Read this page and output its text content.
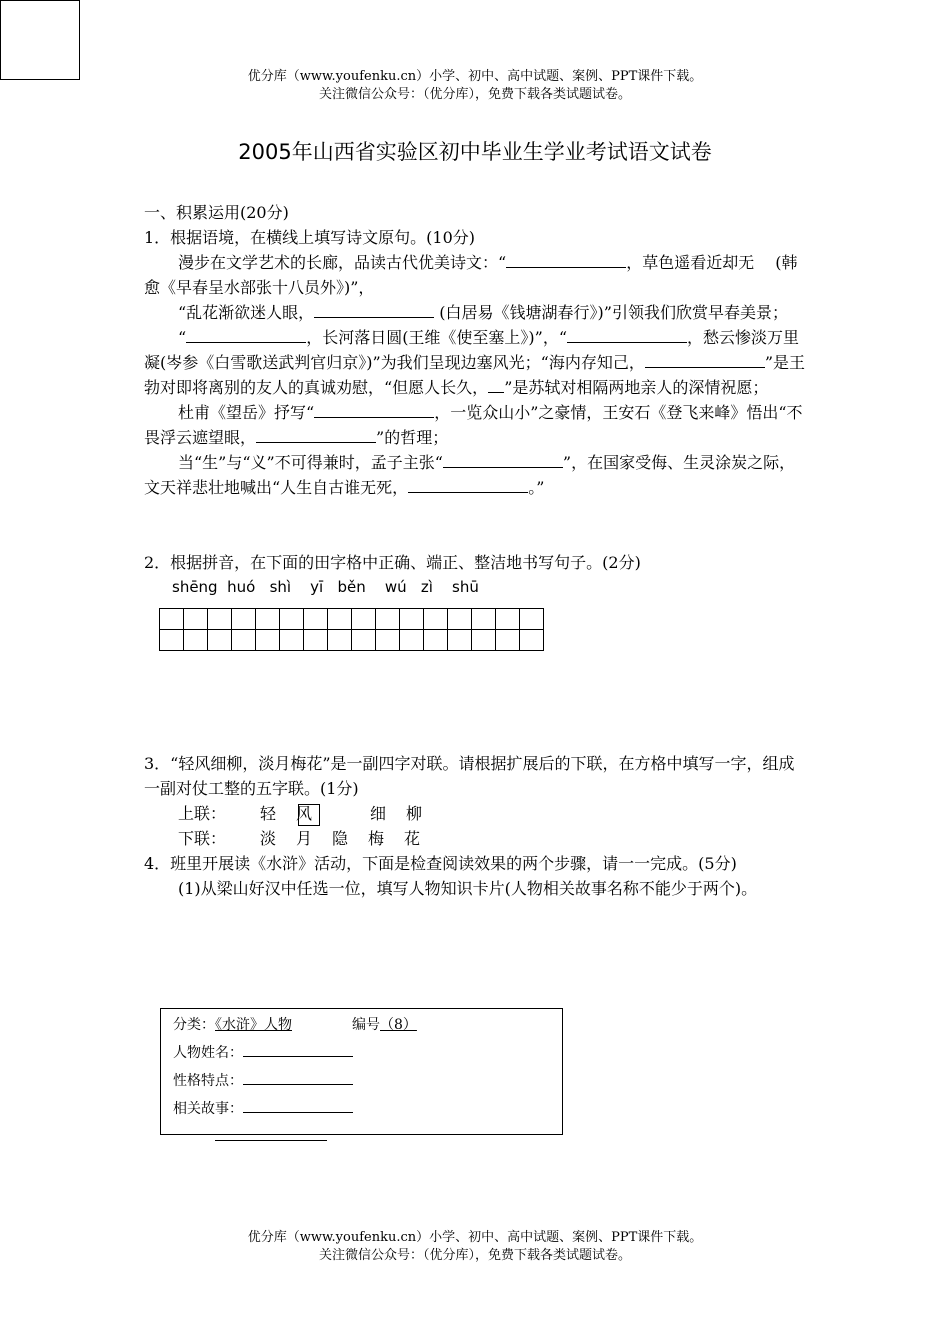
优分库（www.youfenku.cn）小学、初中、高中试题、案例、PPT课件下载。
关注微信公众号：（优分库），免费下载各类试题试卷。
2005年山西省实验区初中毕业生学业考试语文试卷

一、积累运用(20分)

1．根据语境，在横线上填写诗文原句。(10分)

漫步在文学艺术的长廊，品读古代优美诗文：“	，草色遥看近却无　 (韩愈《早春呈水部张十八员外》)”，

“乱花渐欲迷人眼，	(白居易《钱塘湖春行》)”引领我们欣赏早春美景；

“	，长河落日圆(王维《使至塞上》)”，“	，愁云惨淡万里凝(岑参《白雪歌送武判官归京》)”为我们呈现边塞风光；“海内存知己，	”是王勃对即将离别的友人的真诚劝慰，“但愿人长久， ”是苏轼对相隔两地亲人的深情祝愿；

杜甫《望岳》抒写“	，一览众山小”之豪情，王安石《登飞来峰》悟出“不畏浮云遮望眼，	”的哲理；

当“生”与“义”不可得兼时，孟子主张“	”，在国家受侮、生灵涂炭之际，文天祥悲壮地喊出“人生自古谁无死，	。”

2．根据拼音，在下面的田字格中正确、端正、整洁地书写句子。(2分)

shēng  huó   shì    yī   běn    wú   zì    shū

3．“轻风细柳，淡月梅花”是一副四字对联。请根据扩展后的下联，在方格中填写一字，组成一副对仗工整的五字联。(1分)

上联： 轻 风	细 柳

下联： 淡 月 隐 梅 花

4．班里开展读《水浒》活动，下面是检查阅读效果的两个步骤，请一一完成。(5分)

(1)从梁山好汉中任选一位，填写人物知识卡片(人物相关故事名称不能少于两个)。

分类：《水浒》人物	编号（8）
人物姓名：
性格特点：
相关故事：
优分库（www.youfenku.cn）小学、初中、高中试题、案例、PPT课件下载。
关注微信公众号：（优分库），免费下载各类试题试卷。
